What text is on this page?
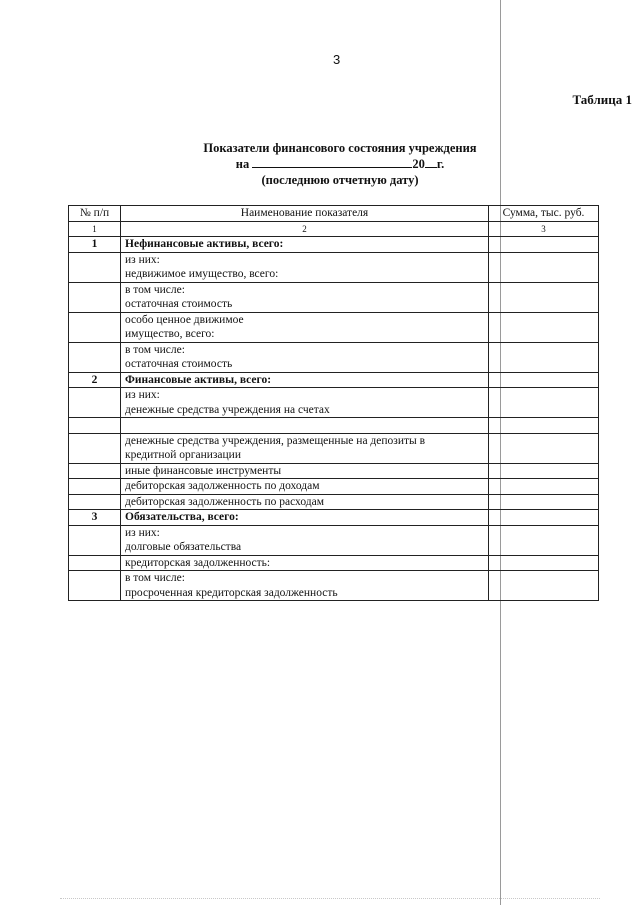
3
Таблица 1
Показатели финансового состояния учреждения
на	20 г.
(последнюю отчетную дату)
№ п/п	Наименование показателя	Сумма, тыс. руб.
1	2	3
1	Нефинансовые активы, всего:	

	из них:
недвижимое имущество, всего:	

	в том числе:
остаточная стоимость	

	особо ценное движимое
имущество, всего:	

	в том числе:
остаточная стоимость	

2	Финансовые активы, всего:	

	из них:
денежные средства учреждения на счетах	

	денежные средства учреждения, размещенные на депозиты в
кредитной организации	

	иные финансовые инструменты	

	дебиторская задолженность по доходам	

	дебиторская задолженность по расходам	

3	Обязательства, всего:	

	из них:
долговые обязательства	

	кредиторская задолженность:	

	в том числе:
просроченная кредиторская задолженность	
